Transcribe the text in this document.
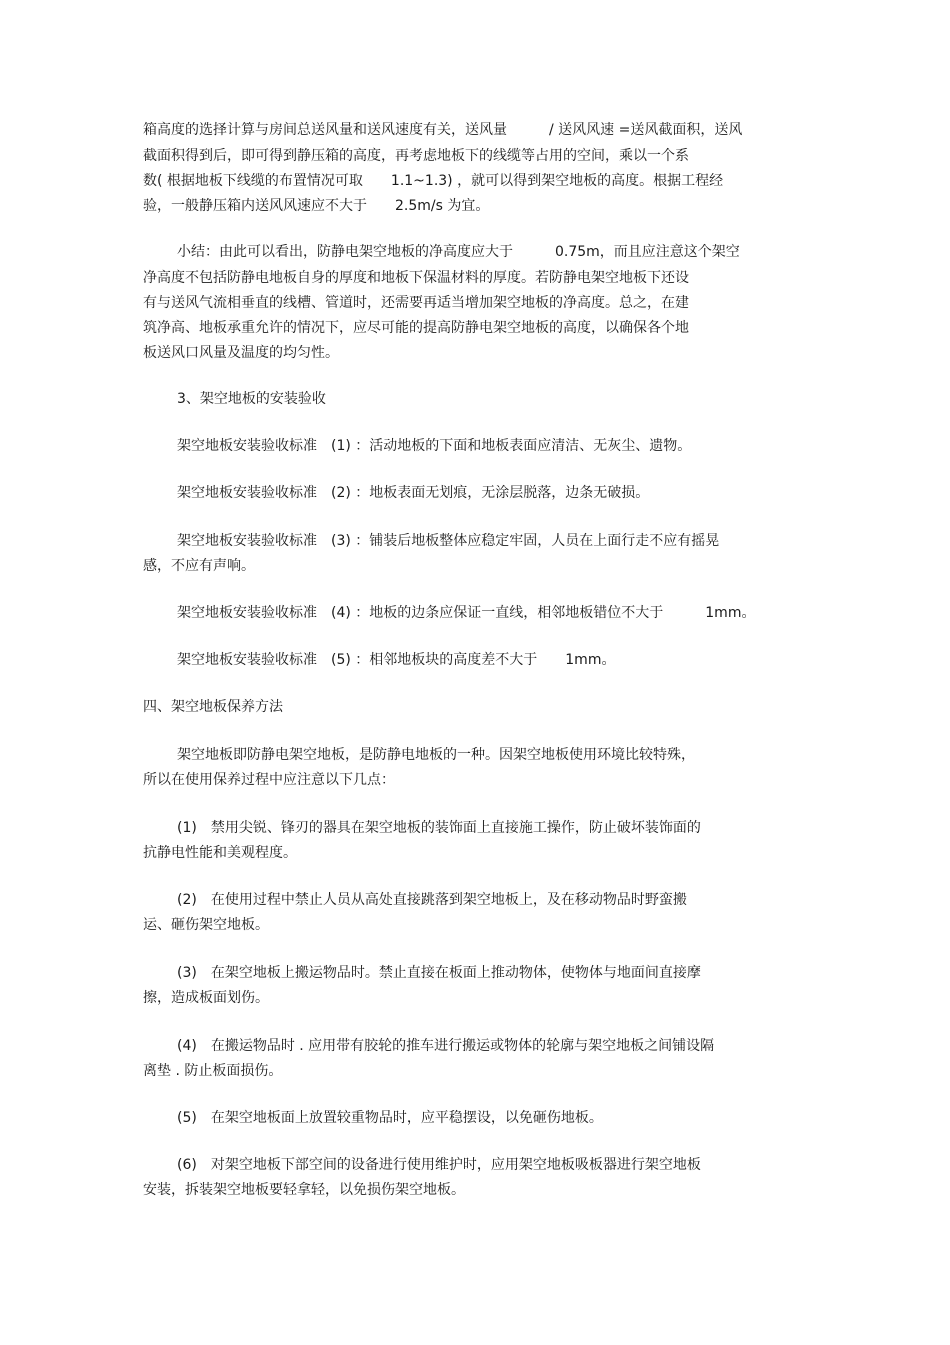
箱高度的选择计算与房间总送风量和送风速度有关，送风量　　　/ 送风风速 =送风截面积，送风
截面积得到后，即可得到静压箱的高度，再考虑地板下的线缆等占用的空间，乘以一个系
数( 根据地板下线缆的布置情况可取　　1.1~1.3) ，就可以得到架空地板的高度。根据工程经
验，一般静压箱内送风风速应不大于　　2.5m/s 为宜。
小结：由此可以看出，防静电架空地板的净高度应大于　　　0.75m，而且应注意这个架空
净高度不包括防静电地板自身的厚度和地板下保温材料的厚度。若防静电架空地板下还设
有与送风气流相垂直的线槽、管道时，还需要再适当增加架空地板的净高度。总之，在建
筑净高、地板承重允许的情况下，应尽可能的提高防静电架空地板的高度，以确保各个地
板送风口风量及温度的均匀性。
3、架空地板的安装验收
架空地板安装验收标准　(1) ：活动地板的下面和地板表面应清洁、无灰尘、遗物。
架空地板安装验收标准　(2) ：地板表面无划痕，无涂层脱落，边条无破损。
架空地板安装验收标准　(3) ：铺装后地板整体应稳定牢固，人员在上面行走不应有摇晃
感，不应有声响。
架空地板安装验收标准　(4) ：地板的边条应保证一直线，相邻地板错位不大于　　　1mm。
架空地板安装验收标准　(5) ：相邻地板块的高度差不大于　　1mm。
四、架空地板保养方法
架空地板即防静电架空地板，是防静电地板的一种。因架空地板使用环境比较特殊，
所以在使用保养过程中应注意以下几点：
(1)　禁用尖锐、锋刃的器具在架空地板的装饰面上直接施工操作，防止破坏装饰面的
抗静电性能和美观程度。
(2)　在使用过程中禁止人员从高处直接跳落到架空地板上，及在移动物品时野蛮搬
运、砸伤架空地板。
(3)　在架空地板上搬运物品时。禁止直接在板面上推动物体，使物体与地面间直接摩
擦，造成板面划伤。
(4)　在搬运物品时 . 应用带有胶轮的推车进行搬运或物体的轮廓与架空地板之间铺设隔
离垫 . 防止板面损伤。
(5)　在架空地板面上放置较重物品时，应平稳摆设，以免砸伤地板。
(6)　对架空地板下部空间的设备进行使用维护时，应用架空地板吸板器进行架空地板
安装，拆装架空地板要轻拿轻，以免损伤架空地板。
